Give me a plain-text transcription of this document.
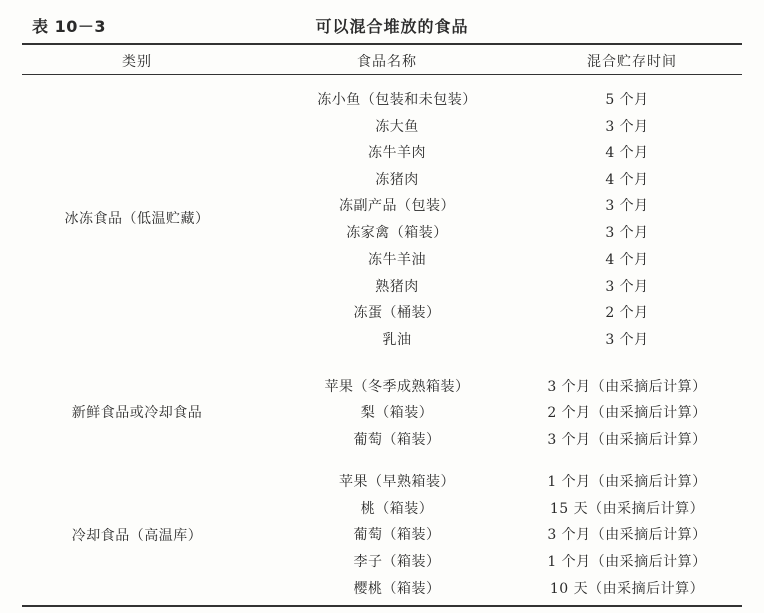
表 10－3	可以混合堆放的食品
类别	食品名称	混合贮存时间
冰冻食品（低温贮藏）
冻小鱼（包装和未包装）	5 个月
冻大鱼	3 个月
冻牛羊肉	4 个月
冻猪肉	4 个月
冻副产品（包装）	3 个月
冻家禽（箱装）	3 个月
冻牛羊油	4 个月
熟猪肉	3 个月
冻蛋（桶装）	2 个月
乳油	3 个月
新鲜食品或冷却食品
苹果（冬季成熟箱装）	3 个月（由采摘后计算）
梨（箱装）	2 个月（由采摘后计算）
葡萄（箱装）	3 个月（由采摘后计算）
冷却食品（高温库）
苹果（早熟箱装）	1 个月（由采摘后计算）
桃（箱装）	15 天（由采摘后计算）
葡萄（箱装）	3 个月（由采摘后计算）
李子（箱装）	1 个月（由采摘后计算）
樱桃（箱装）	10 天（由采摘后计算）
